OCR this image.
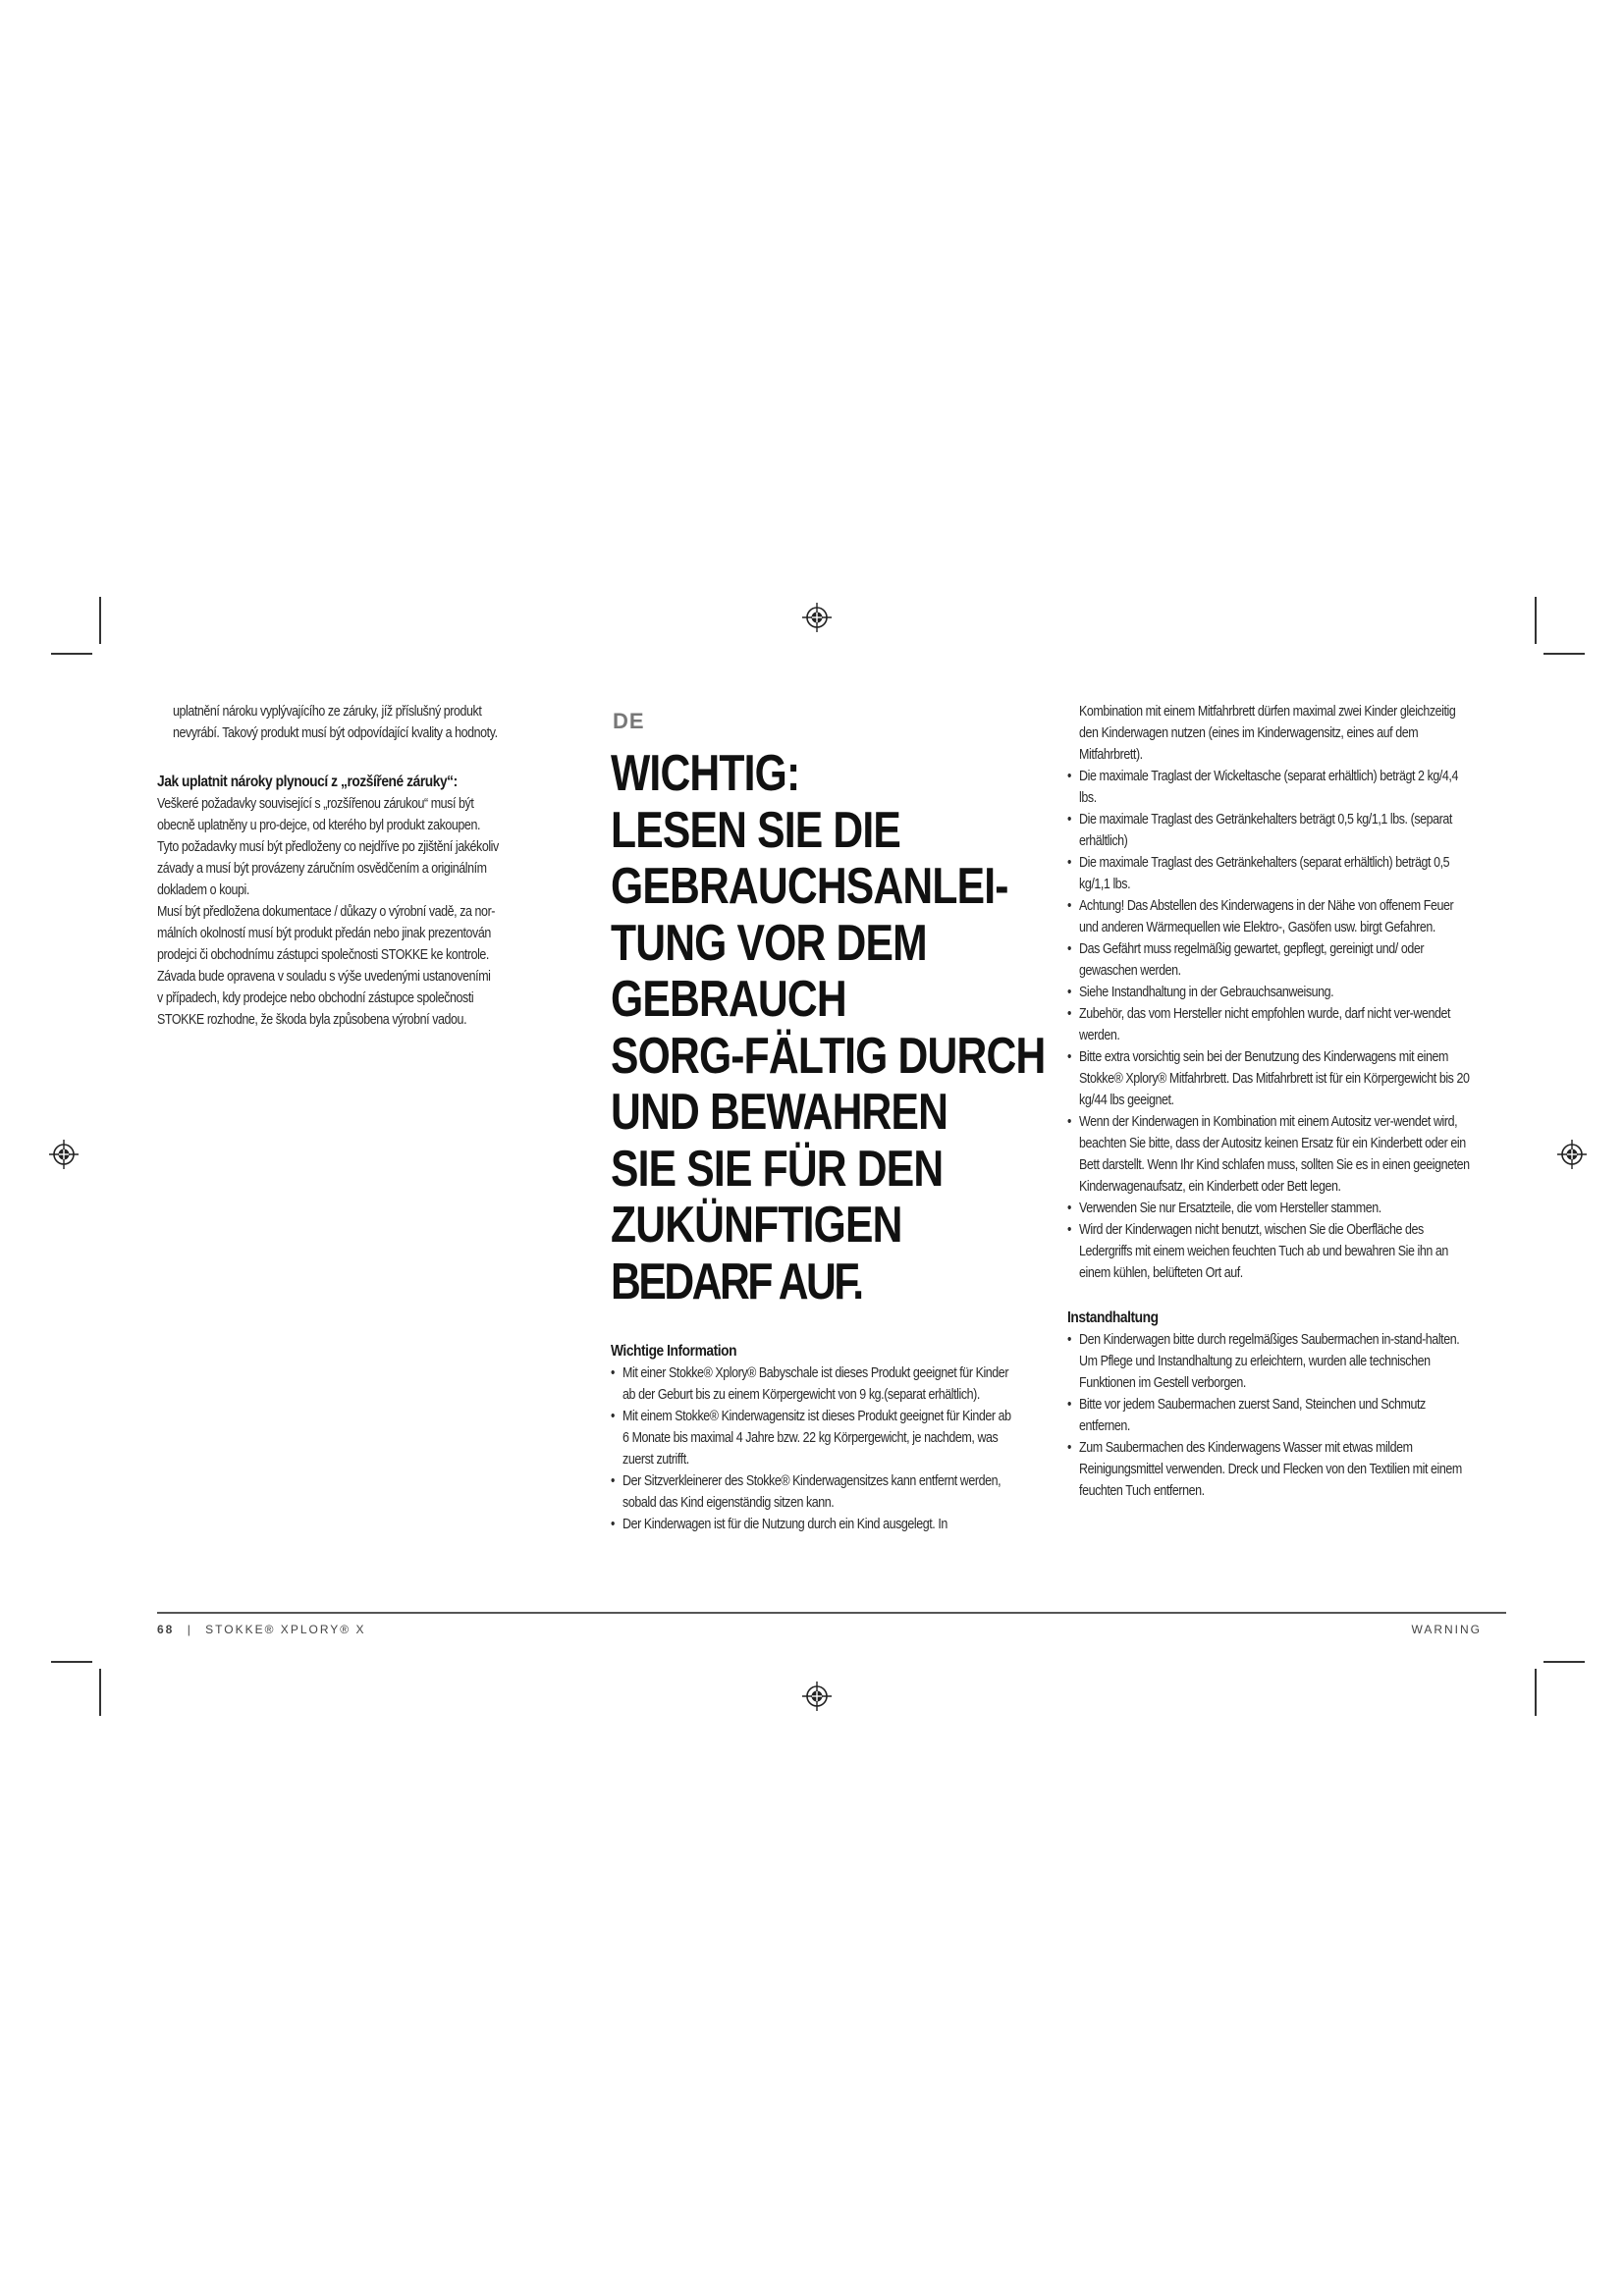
uplatnění nároku vyplývajícího ze záruky, jíž příslušný produkt

nevyrábí. Takový produkt musí být odpovídající kvality a hodnoty.

Jak uplatnit nároky plynoucí z „rozšířené záruky“:

Veškeré požadavky související s „rozšířenou zárukou“ musí být

obecně uplatněny u pro-dejce, od kterého byl produkt zakoupen.

Tyto požadavky musí být předloženy co nejdříve po zjištění jakékoliv

závady a musí být provázeny záručním osvědčením a originálním

dokladem o koupi.

Musí být předložena dokumentace / důkazy o výrobní vadě, za nor-

málních okolností musí být produkt předán nebo jinak prezentován

prodejci či obchodnímu zástupci společnosti STOKKE ke kontrole.

Závada bude opravena v souladu s výše uvedenými ustanoveními

v případech, kdy prodejce nebo obchodní zástupce společnosti

STOKKE rozhodne, že škoda byla způsobena výrobní vadou.

DE
WICHTIG:
LESEN SIE DIE
GEBRAUCHSANLEI-
TUNG VOR DEM
GEBRAUCH
SORG-FÄLTIG DURCH
UND BEWAHREN
SIE SIE FÜR DEN
ZUKÜNFTIGEN
BEDARF AUF.
Wichtige Information
• Mit einer Stokke® Xplory® Babyschale ist dieses Produkt geeignet für Kinder ab der Geburt bis zu einem Körpergewicht von 9 kg.(separat erhältlich).
• Mit einem Stokke® Kinderwagensitz ist dieses Produkt geeignet für Kinder ab 6 Monate bis maximal 4 Jahre bzw. 22 kg Körpergewicht, je nachdem, was zuerst zutrifft.
• Der Sitzverkleinerer des Stokke® Kinderwagensitzes kann entfernt werden, sobald das Kind eigenständig sitzen kann.
• Der Kinderwagen ist für die Nutzung durch ein Kind ausgelegt. In

Kombination mit einem Mitfahrbrett dürfen maximal zwei Kinder gleichzeitig den Kinderwagen nutzen (eines im Kinderwagensitz, eines auf dem Mitfahrbrett).

• Die maximale Traglast der Wickeltasche (separat erhältlich) beträgt 2 kg/4,4 lbs.
• Die maximale Traglast des Getränkehalters beträgt 0,5 kg/1,1 lbs. (separat erhältlich)
• Die maximale Traglast des Getränkehalters (separat erhältlich) beträgt 0,5 kg/1,1 lbs.
• Achtung! Das Abstellen des Kinderwagens in der Nähe von offenem Feuer und anderen Wärmequellen wie Elektro-, Gasöfen usw. birgt Gefahren.
• Das Gefährt muss regelmäßig gewartet, gepflegt, gereinigt und/ oder gewaschen werden.
• Siehe Instandhaltung in der Gebrauchsanweisung.
• Zubehör, das vom Hersteller nicht empfohlen wurde, darf nicht ver-wendet werden.
• Bitte extra vorsichtig sein bei der Benutzung des Kinderwagens mit einem Stokke® Xplory® Mitfahrbrett. Das Mitfahrbrett ist für ein Körpergewicht bis 20 kg/44 lbs geeignet.
• Wenn der Kinderwagen in Kombination mit einem Autositz ver-wendet wird, beachten Sie bitte, dass der Autositz keinen Ersatz für ein Kinderbett oder ein Bett darstellt. Wenn Ihr Kind schlafen muss, sollten Sie es in einen geeigneten Kinderwagenaufsatz, ein Kinderbett oder Bett legen.
• Verwenden Sie nur Ersatzteile, die vom Hersteller stammen.
• Wird der Kinderwagen nicht benutzt, wischen Sie die Oberfläche des Ledergriffs mit einem weichen feuchten Tuch ab und bewahren Sie ihn an einem kühlen, belüfteten Ort auf.
Instandhaltung
• Den Kinderwagen bitte durch regelmäßiges Saubermachen in-stand-halten. Um Pflege und Instandhaltung zu erleichtern, wurden alle technischen Funktionen im Gestell verborgen.
• Bitte vor jedem Saubermachen zuerst Sand, Steinchen und Schmutz entfernen.
• Zum Saubermachen des Kinderwagens Wasser mit etwas mildem Reinigungsmittel verwenden. Dreck und Flecken von den Textilien mit einem feuchten Tuch entfernen.
68 | STOKKE® XPLORY® X	WARNING
